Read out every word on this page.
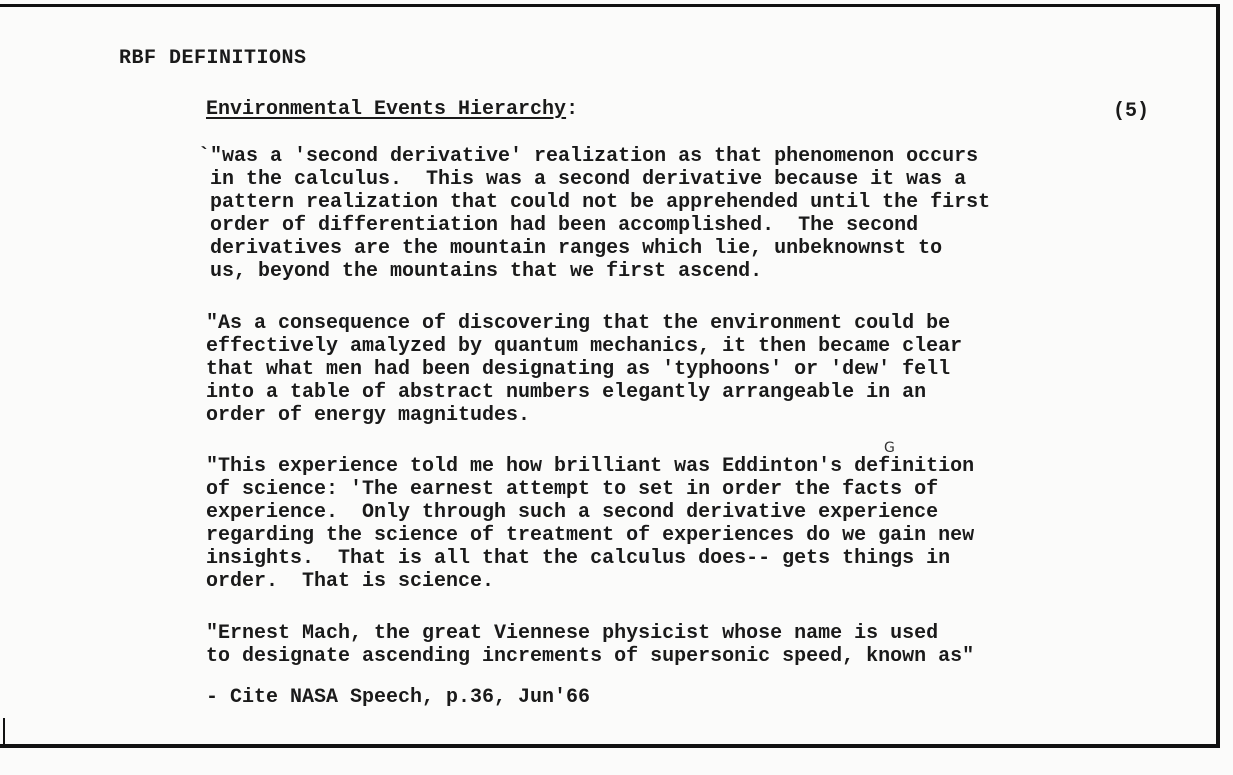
RBF DEFINITIONS
Environmental Events Hierarchy:	(5)

`"was a 'second derivative' realization as that phenomenon occurs
in the calculus.  This was a second derivative because it was a
pattern realization that could not be apprehended until the first
order of differentiation had been accomplished.  The second
derivatives are the mountain ranges which lie, unbeknownst to
us, beyond the mountains that we first ascend.

"As a consequence of discovering that the environment could be
effectively amalyzed by quantum mechanics, it then became clear
that what men had been designating as 'typhoons' or 'dew' fell
into a table of abstract numbers elegantly arrangeable in an
order of energy magnitudes.

"This experience told me how brilliant was Eddinton's definition
of science: 'The earnest attempt to set in order the facts of
experience.  Only through such a second derivative experience
regarding the science of treatment of experiences do we gain new
insights.  That is all that the calculus does-- gets things in
order.  That is science.

G

"Ernest Mach, the great Viennese physicist whose name is used
to designate ascending increments of supersonic speed, known as"

- Cite NASA Speech, p.36, Jun'66
